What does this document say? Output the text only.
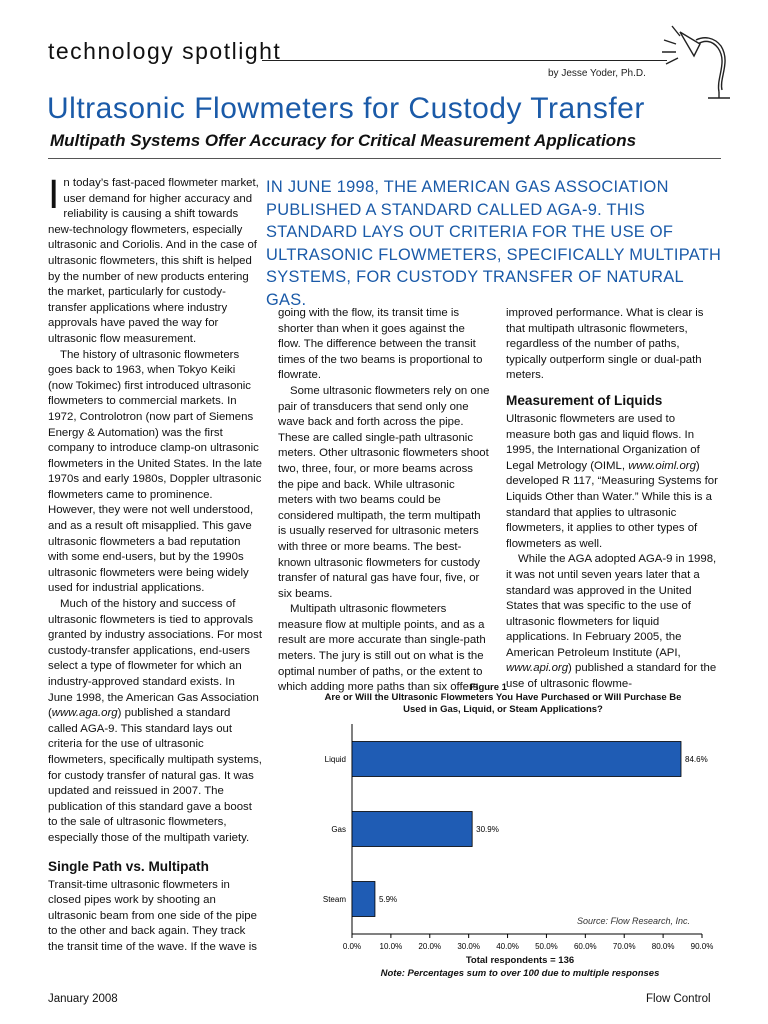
technology spotlight
by Jesse Yoder, Ph.D.
Ultrasonic Flowmeters for Custody Transfer
Multipath Systems Offer Accuracy for Critical Measurement Applications
IN JUNE 1998, THE AMERICAN GAS ASSOCIATION PUBLISHED A STANDARD CALLED AGA-9. THIS STANDARD LAYS OUT CRITERIA FOR THE USE OF ULTRASONIC FLOWMETERS, SPECIFICALLY MULTIPATH SYSTEMS, FOR CUSTODY TRANSFER OF NATURAL GAS.

In today’s fast-paced flowmeter market, user demand for higher accuracy and reliability is causing a shift towards new-technology flowmeters, especially ultrasonic and Coriolis. And in the case of ultrasonic flowmeters, this shift is helped by the number of new products entering the market, particularly for custody-transfer applications where industry approvals have paved the way for ultrasonic flow measurement.

The history of ultrasonic flowmeters goes back to 1963, when Tokyo Keiki (now Tokimec) first introduced ultrasonic flowmeters to commercial markets. In 1972, Controlotron (now part of Siemens Energy & Automation) was the first company to introduce clamp-on ultrasonic flowmeters in the United States. In the late 1970s and early 1980s, Doppler ultrasonic flowmeters came to prominence. However, they were not well understood, and as a result oft misapplied. This gave ultrasonic flowmeters a bad reputation with some end-users, but by the 1990s ultrasonic flowmeters were being widely used for industrial applications.

Much of the history and success of ultrasonic flowmeters is tied to approvals granted by industry associations. For most custody-transfer applications, end-users select a type of flowmeter for which an industry-approved standard exists. In June 1998, the American Gas Association (www.aga.org) published a standard called AGA-9. This standard lays out criteria for the use of ultrasonic flowmeters, specifically multipath systems, for custody transfer of natural gas. It was updated and reissued in 2007. The publication of this standard gave a boost to the sale of ultrasonic flowmeters, especially those of the multipath variety.

Single Path vs. Multipath

Transit-time ultrasonic flowmeters in closed pipes work by shooting an ultrasonic beam from one side of the pipe to the other and back again. They track the transit time of the wave. If the wave is

going with the flow, its transit time is shorter than when it goes against the flow. The difference between the transit times of the two beams is proportional to flowrate.

Some ultrasonic flowmeters rely on one pair of transducers that send only one wave back and forth across the pipe. These are called single-path ultrasonic meters. Other ultrasonic flowmeters shoot two, three, four, or more beams across the pipe and back. While ultrasonic meters with two beams could be considered multipath, the term multipath is usually reserved for ultrasonic meters with three or more beams. The best-known ultrasonic flowmeters for custody transfer of natural gas have four, five, or six beams.

Multipath ultrasonic flowmeters measure flow at multiple points, and as a result are more accurate than single-path meters. The jury is still out on what is the optimal number of paths, or the extent to which adding more paths than six offers

improved performance. What is clear is that multipath ultrasonic flowmeters, regardless of the number of paths, typically outperform single or dual-path meters.

Measurement of Liquids

Ultrasonic flowmeters are used to measure both gas and liquid flows. In 1995, the International Organization of Legal Metrology (OIML, www.oiml.org) developed R 117, “Measuring Systems for Liquids Other than Water.” While this is a standard that applies to ultrasonic flowmeters, it applies to other types of flowmeters as well.

While the AGA adopted AGA-9 in 1998, it was not until seven years later that a standard was approved in the United States that was specific to the use of ultrasonic flowmeters for liquid applications. In February 2005, the American Petroleum Institute (API, www.api.org) published a standard for the use of ultrasonic flowme-

Figure 1
Are or Will the Ultrasonic Flowmeters You Have Purchased or Will Purchase Be Used in Gas, Liquid, or Steam Applications?
Liquid	84.6%
Gas	30.9%
Steam	5.9%
0.0% 10.0% 20.0% 30.0% 40.0% 50.0% 60.0% 70.0% 80.0% 90.0%
Source: Flow Research, Inc.
Total respondents = 136
Note: Percentages sum to over 100 due to multiple responses
January 2008	Flow Control
